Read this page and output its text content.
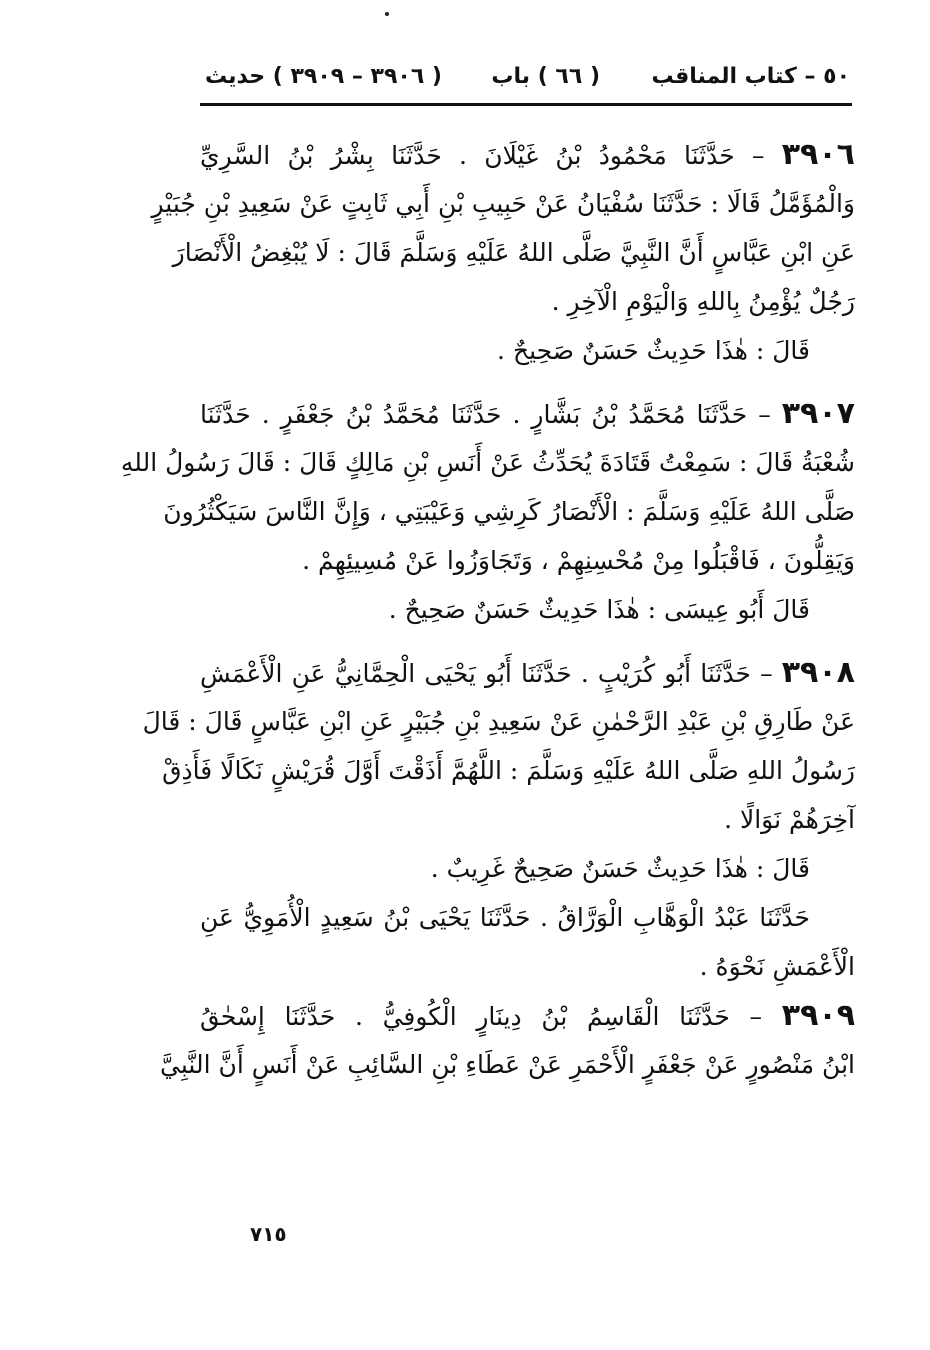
٥٠ – كتاب المناقب
( ٦٦ ) باب
( ٣٩٠٦ – ٣٩٠٩ ) حديث
٣٩٠٦ – حَدَّثَنَا مَحْمُودُ بْنُ غَيْلَانَ . حَدَّثَنَا بِشْرُ بْنُ السَّرِيِّ
وَالْمُؤَمَّلُ قَالَا : حَدَّثَنَا سُفْيَانُ عَنْ حَبِيبِ بْنِ أَبِي ثَابِتٍ عَنْ سَعِيدِ بْنِ جُبَيْرٍ
عَنِ ابْنِ عَبَّاسٍ أَنَّ النَّبِيَّ صَلَّى اللهُ عَلَيْهِ وَسَلَّمَ قَالَ : لَا يُبْغِضُ الْأَنْصَارَ
رَجُلٌ يُؤْمِنُ بِاللهِ وَالْيَوْمِ الْآخِرِ .
قَالَ : هٰذَا حَدِيثٌ حَسَنٌ صَحِيحٌ .
٣٩٠٧ – حَدَّثَنَا مُحَمَّدُ بْنُ بَشَّارٍ . حَدَّثَنَا مُحَمَّدُ بْنُ جَعْفَرٍ . حَدَّثَنَا
شُعْبَةُ قَالَ : سَمِعْتُ قَتَادَةَ يُحَدِّثُ عَنْ أَنَسِ بْنِ مَالِكٍ قَالَ : قَالَ رَسُولُ اللهِ
صَلَّى اللهُ عَلَيْهِ وَسَلَّمَ : الْأَنْصَارُ كَرِشِي وَعَيْبَتِي ، وَإِنَّ النَّاسَ سَيَكْثُرُونَ
وَيَقِلُّونَ ، فَاقْبَلُوا مِنْ مُحْسِنِهِمْ ، وَتَجَاوَزُوا عَنْ مُسِيئِهِمْ .
قَالَ أَبُو عِيسَى : هٰذَا حَدِيثٌ حَسَنٌ صَحِيحٌ .
٣٩٠٨ – حَدَّثَنَا أَبُو كُرَيْبٍ . حَدَّثَنَا أَبُو يَحْيَى الْحِمَّانِيُّ عَنِ الْأَعْمَشِ
عَنْ طَارِقِ بْنِ عَبْدِ الرَّحْمٰنِ عَنْ سَعِيدِ بْنِ جُبَيْرٍ عَنِ ابْنِ عَبَّاسٍ قَالَ : قَالَ
رَسُولُ اللهِ صَلَّى اللهُ عَلَيْهِ وَسَلَّمَ : اللَّهُمَّ أَذَقْتَ أَوَّلَ قُرَيْشٍ نَكَالًا فَأَذِقْ
آخِرَهُمْ نَوَالًا .
قَالَ : هٰذَا حَدِيثٌ حَسَنٌ صَحِيحٌ غَرِيبٌ .
حَدَّثَنَا عَبْدُ الْوَهَّابِ الْوَرَّاقُ . حَدَّثَنَا يَحْيَى بْنُ سَعِيدٍ الْأُمَوِيُّ عَنِ
الْأَعْمَشِ نَحْوَهُ .
٣٩٠٩ – حَدَّثَنَا الْقَاسِمُ بْنُ دِينَارٍ الْكُوفِيُّ . حَدَّثَنَا إِسْحٰقُ
ابْنُ مَنْصُورٍ عَنْ جَعْفَرٍ الْأَحْمَرِ عَنْ عَطَاءِ بْنِ السَّائِبِ عَنْ أَنَسٍ أَنَّ النَّبِيَّ
٧١٥
